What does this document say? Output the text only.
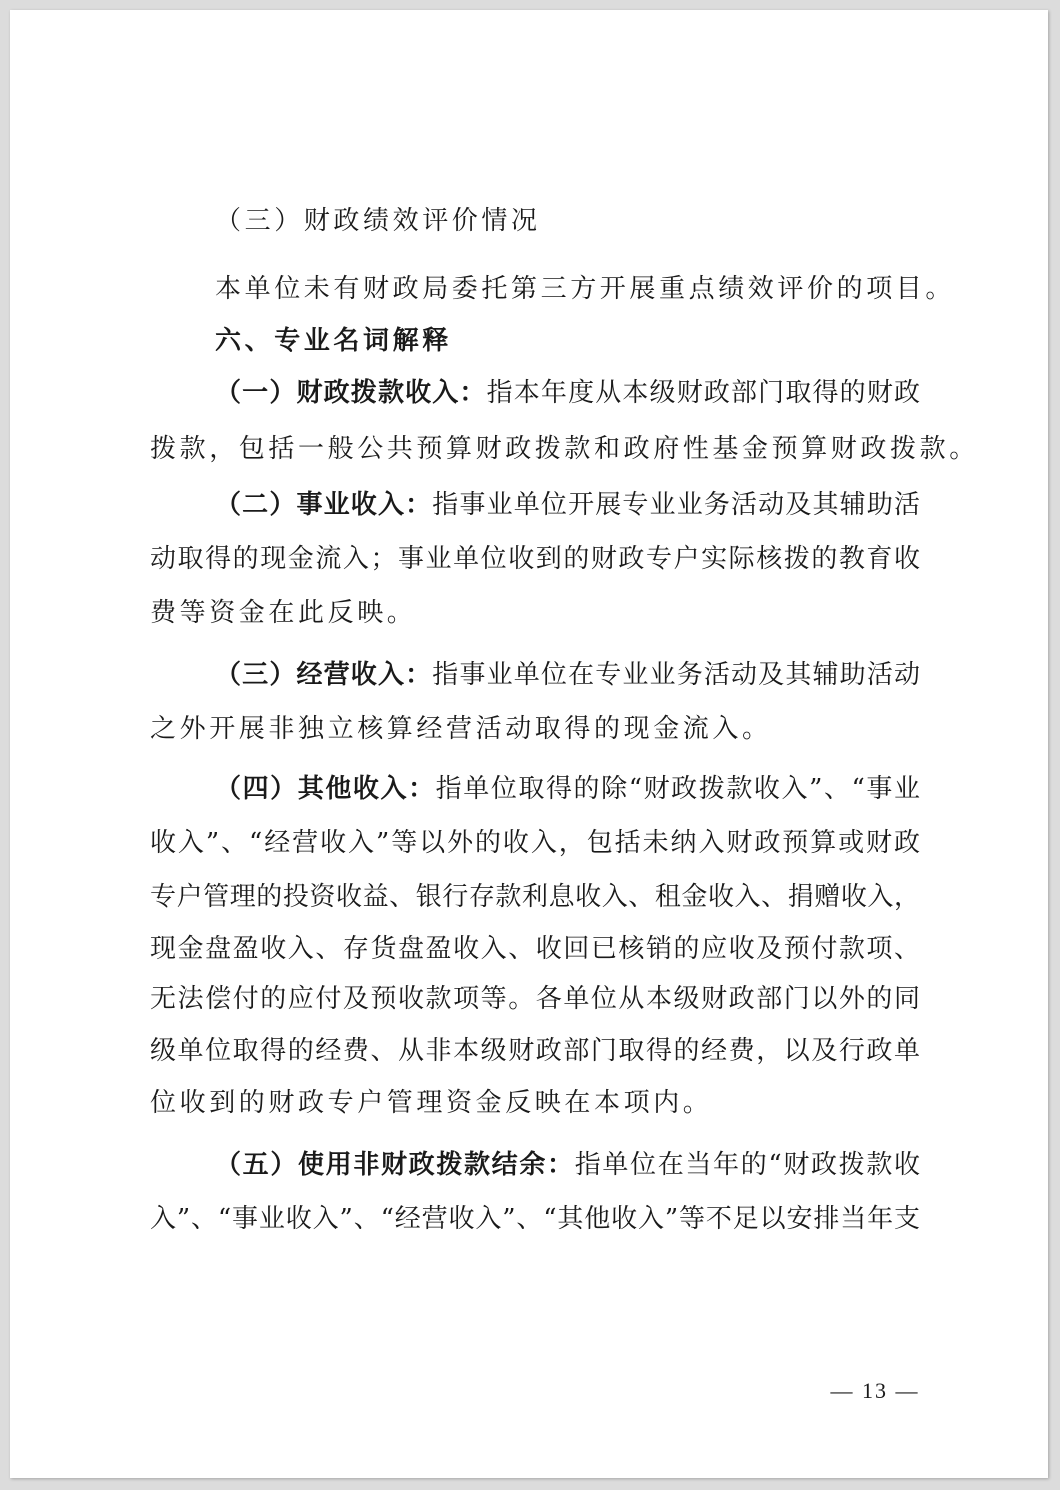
（三）财政绩效评价情况
本单位未有财政局委托第三方开展重点绩效评价的项目。
六、专业名词解释
（一）财政拨款收入：指本年度从本级财政部门取得的财政
拨款，包括一般公共预算财政拨款和政府性基金预算财政拨款。
（二）事业收入：指事业单位开展专业业务活动及其辅助活
动取得的现金流入；事业单位收到的财政专户实际核拨的教育收
费等资金在此反映。
（三）经营收入：指事业单位在专业业务活动及其辅助活动
之外开展非独立核算经营活动取得的现金流入。
（四）其他收入：指单位取得的除“财政拨款收入”、“事业
收入”、“经营收入”等以外的收入，包括未纳入财政预算或财政
专户管理的投资收益、银行存款利息收入、租金收入、捐赠收入，
现金盘盈收入、存货盘盈收入、收回已核销的应收及预付款项、
无法偿付的应付及预收款项等。各单位从本级财政部门以外的同
级单位取得的经费、从非本级财政部门取得的经费，以及行政单
位收到的财政专户管理资金反映在本项内。
（五）使用非财政拨款结余：指单位在当年的“财政拨款收
入”、“事业收入”、“经营收入”、“其他收入”等不足以安排当年支
— 13 —
